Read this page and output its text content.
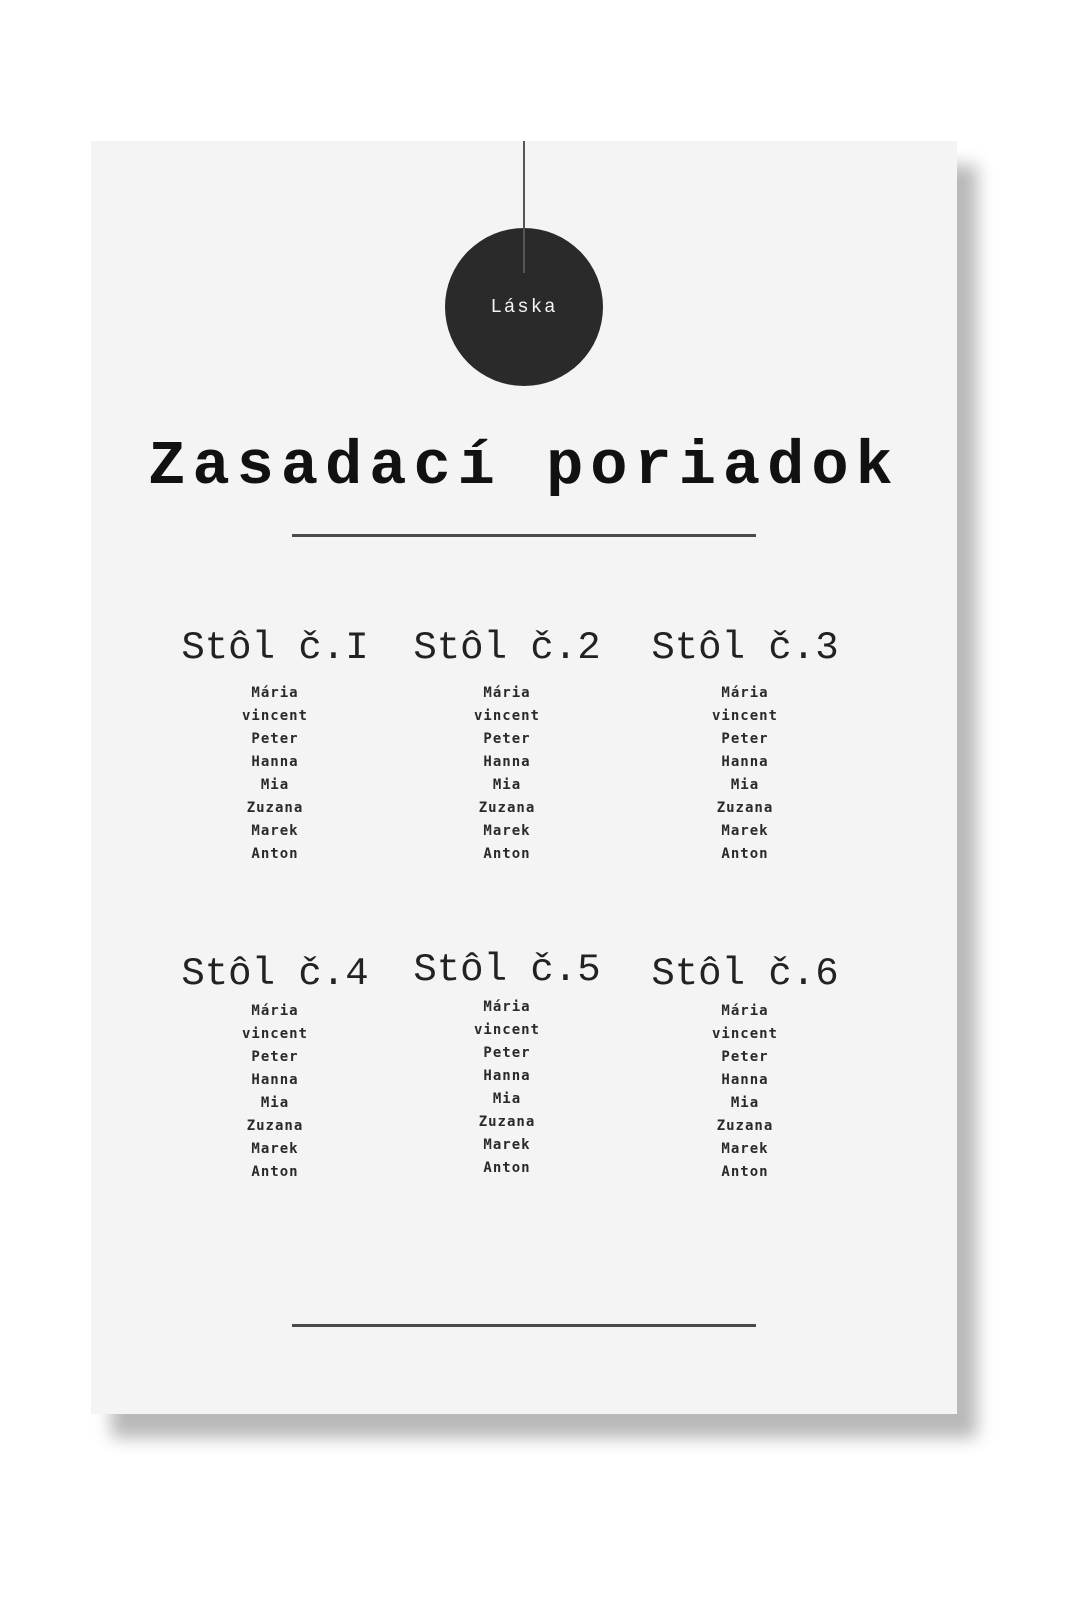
Láska
Zasadací poriadok
Stôl č.I
Mária
vincent
Peter
Hanna
Mia
Zuzana
Marek
Anton
Stôl č.2
Mária
vincent
Peter
Hanna
Mia
Zuzana
Marek
Anton
Stôl č.3
Mária
vincent
Peter
Hanna
Mia
Zuzana
Marek
Anton
Stôl č.4
Mária
vincent
Peter
Hanna
Mia
Zuzana
Marek
Anton
Stôl č.5
Mária
vincent
Peter
Hanna
Mia
Zuzana
Marek
Anton
Stôl č.6
Mária
vincent
Peter
Hanna
Mia
Zuzana
Marek
Anton
